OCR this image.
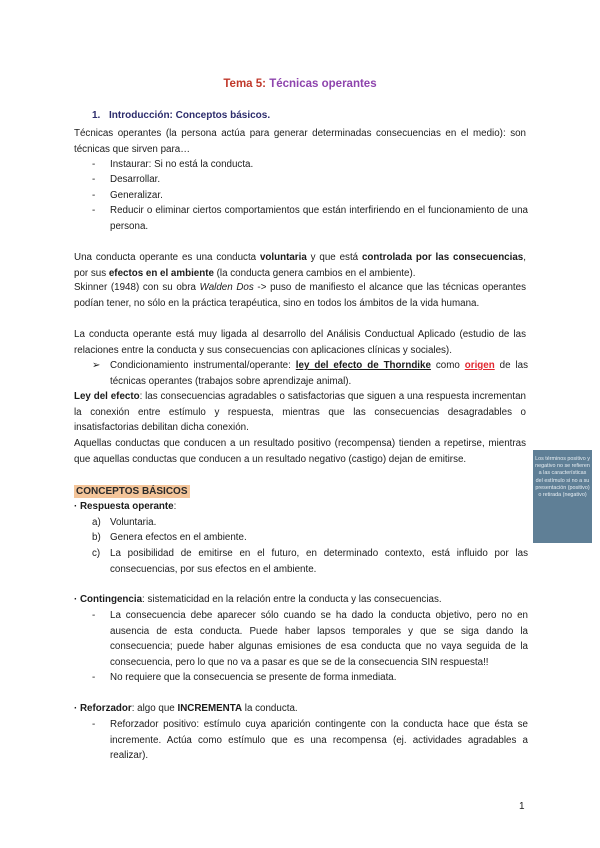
Tema 5: Técnicas operantes
1. Introducción: Conceptos básicos.

Técnicas operantes (la persona actúa para generar determinadas consecuencias en el medio): son técnicas que sirven para…

- Instaurar: Si no está la conducta.
- Desarrollar.
- Generalizar.
- Reducir o eliminar ciertos comportamientos que están interfiriendo en el funcionamiento de una persona.

Una conducta operante es una conducta voluntaria y que está controlada por las consecuencias, por sus efectos en el ambiente (la conducta genera cambios en el ambiente).

Skinner (1948) con su obra Walden Dos -> puso de manifiesto el alcance que las técnicas operantes podían tener, no sólo en la práctica terapéutica, sino en todos los ámbitos de la vida humana.

La conducta operante está muy ligada al desarrollo del Análisis Conductual Aplicado (estudio de las relaciones entre la conducta y sus consecuencias con aplicaciones clínicas y sociales).

➢ Condicionamiento instrumental/operante: ley del efecto de Thorndike como origen de las técnicas operantes (trabajos sobre aprendizaje animal).

Ley del efecto: las consecuencias agradables o satisfactorias que siguen a una respuesta incrementan la conexión entre estímulo y respuesta, mientras que las consecuencias desagradables o insatisfactorias debilitan dicha conexión.

Aquellas conductas que conducen a un resultado positivo (recompensa) tienden a repetirse, mientras que aquellas conductas que conducen a un resultado negativo (castigo) dejan de emitirse.	Los términos positivo y negativo no se refieren a las características del estímulo si no a su presentación (positivo) o retirada (negativo)
CONCEPTOS BÁSICOS

· Respuesta operante:

a) Voluntaria.
b) Genera efectos en el ambiente.
c) La posibilidad de emitirse en el futuro, en determinado contexto, está influido por las consecuencias, por sus efectos en el ambiente.

· Contingencia: sistematicidad en la relación entre la conducta y las consecuencias.

- La consecuencia debe aparecer sólo cuando se ha dado la conducta objetivo, pero no en ausencia de esta conducta. Puede haber lapsos temporales y que se siga dando la consecuencia; puede haber algunas emisiones de esa conducta que no vaya seguida de la consecuencia, pero lo que no va a pasar es que se de la consecuencia SIN respuesta!!
- No requiere que la consecuencia se presente de forma inmediata.

· Reforzador: algo que INCREMENTA la conducta.

- Reforzador positivo: estímulo cuya aparición contingente con la conducta hace que ésta se incremente. Actúa como estímulo que es una recompensa (ej. actividades agradables a realizar).
1
